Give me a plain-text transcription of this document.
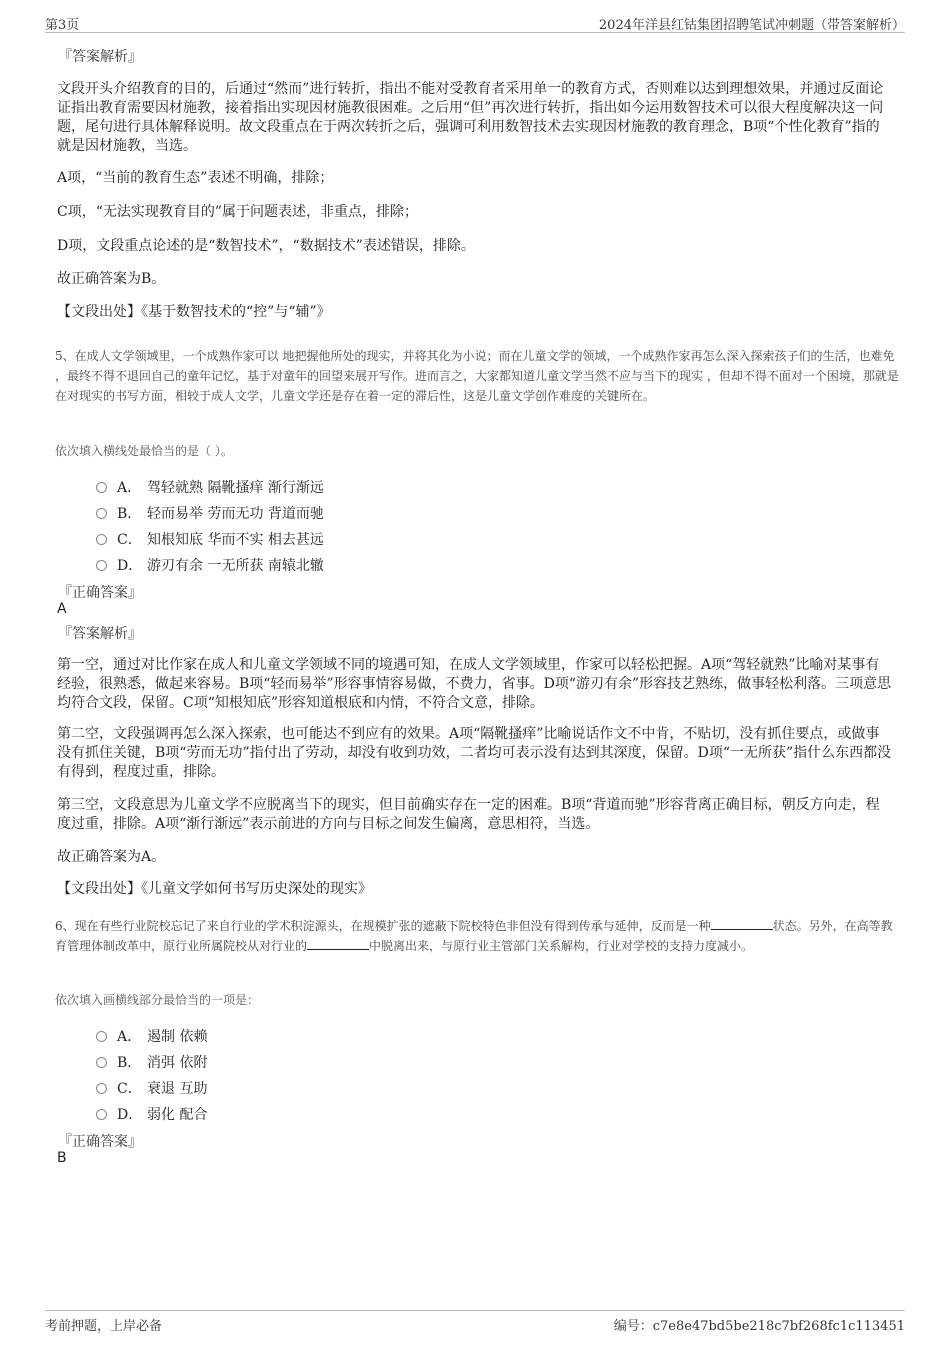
第3页	2024年洋县红钴集团招聘笔试冲刺题（带答案解析）
『答案解析』
文段开头介绍教育的目的，后通过“然而”进行转折，指出不能对受教育者采用单一的教育方式，否则难以达到理想效果，并通过反面论证指出教育需要因材施教，接着指出实现因材施教很困难。之后用“但”再次进行转折，指出如今运用数智技术可以很大程度解决这一问题，尾句进行具体解释说明。故文段重点在于两次转折之后，强调可利用数智技术去实现因材施教的教育理念，B项“个性化教育”指的就是因材施教，当选。
A项，“当前的教育生态”表述不明确，排除；
C项，“无法实现教育目的”属于问题表述，非重点，排除；
D项，文段重点论述的是“数智技术”，“数据技术”表述错误，排除。
故正确答案为B。
【文段出处】《基于数智技术的“控”与“辅”》
5、在成人文学领域里，一个成熟作家可以 地把握他所处的现实，并将其化为小说；而在儿童文学的领域，一个成熟作家再怎么深入探索孩子们的生活，也难免 ，最终不得不退回自己的童年记忆，基于对童年的回望来展开写作。进而言之，大家都知道儿童文学当然不应与当下的现实 ，但却不得不面对一个困境，那就是在对现实的书写方面，相较于成人文学，儿童文学还是存在着一定的滞后性，这是儿童文学创作难度的关键所在。
依次填入横线处最恰当的是（ ）。
A． 驾轻就熟 隔靴搔痒 渐行渐远
B． 轻而易举 劳而无功 背道而驰
C． 知根知底 华而不实 相去甚远
D． 游刃有余 一无所获 南辕北辙
『正确答案』
A
『答案解析』
第一空，通过对比作家在成人和儿童文学领域不同的境遇可知，在成人文学领域里，作家可以轻松把握。A项“驾轻就熟”比喻对某事有经验，很熟悉，做起来容易。B项“轻而易举”形容事情容易做，不费力，省事。D项“游刃有余”形容技艺熟练，做事轻松利落。三项意思均符合文段，保留。C项“知根知底”形容知道根底和内情，不符合文意，排除。
第二空，文段强调再怎么深入探索，也可能达不到应有的效果。A项“隔靴搔痒”比喻说话作文不中肯，不贴切，没有抓住要点，或做事没有抓住关键，B项“劳而无功”指付出了劳动，却没有收到功效，二者均可表示没有达到其深度，保留。D项“一无所获”指什么东西都没有得到，程度过重，排除。
第三空，文段意思为儿童文学不应脱离当下的现实，但目前确实存在一定的困难。B项“背道而驰”形容背离正确目标，朝反方向走，程度过重，排除。A项“渐行渐远”表示前进的方向与目标之间发生偏离，意思相符，当选。
故正确答案为A。
【文段出处】《儿童文学如何书写历史深处的现实》
6、现在有些行业院校忘记了来自行业的学术积淀源头，在规模扩张的遮蔽下院校特色非但没有得到传承与延伸，反而是一种	状态。另外，在高等教育管理体制改革中，原行业所属院校从对行业的	中脱离出来，与原行业主管部门关系解构，行业对学校的支持力度减小。
依次填入画横线部分最恰当的一项是：
A． 遏制 依赖
B． 消弭 依附
C． 衰退 互助
D． 弱化 配合
『正确答案』
B
考前押题，上岸必备	编号：c7e8e47bd5be218c7bf268fc1c113451
